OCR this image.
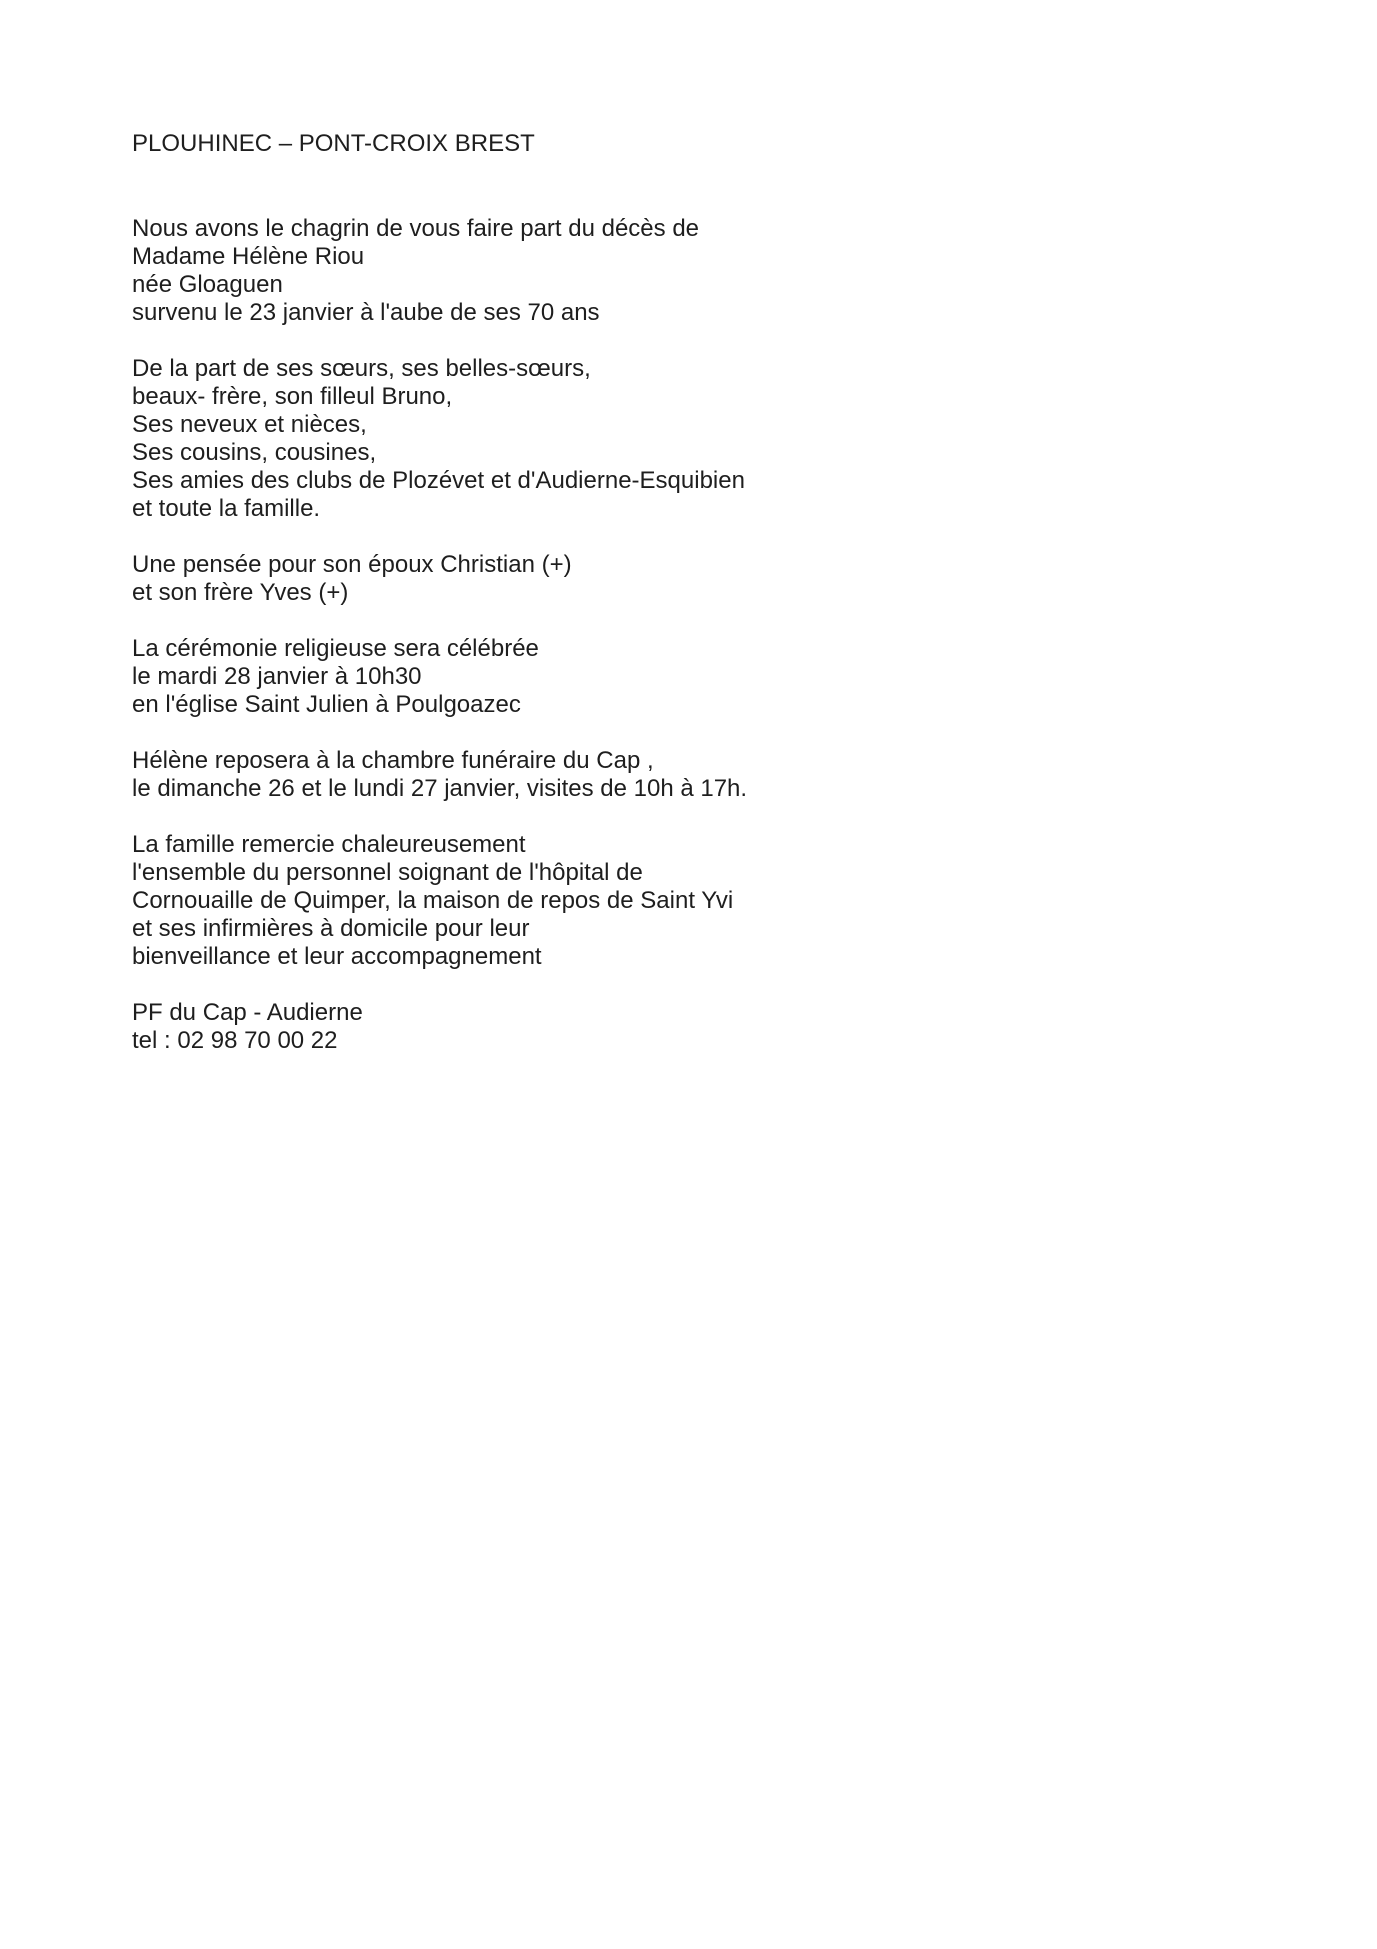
PLOUHINEC – PONT-CROIX BREST
Nous avons le chagrin de vous faire part du décès de
Madame Hélène Riou
née Gloaguen
survenu le 23 janvier à l'aube de ses 70 ans
De la part de ses sœurs, ses belles-sœurs,
beaux- frère, son filleul Bruno,
Ses neveux et nièces,
Ses cousins, cousines,
Ses amies des clubs de Plozévet et d'Audierne-Esquibien
et toute la famille.
Une pensée pour son époux Christian (+)
et son frère Yves (+)
La cérémonie religieuse sera célébrée
le mardi 28 janvier à 10h30
en l'église Saint Julien à Poulgoazec
Hélène reposera à la chambre funéraire du Cap ,
le dimanche 26 et le lundi 27 janvier, visites de 10h à 17h.
La famille remercie chaleureusement
l'ensemble du personnel soignant de l'hôpital de
Cornouaille de Quimper, la maison de repos de Saint Yvi
et ses infirmières à domicile pour leur
bienveillance et leur accompagnement
PF du Cap - Audierne
tel : 02 98 70 00 22
